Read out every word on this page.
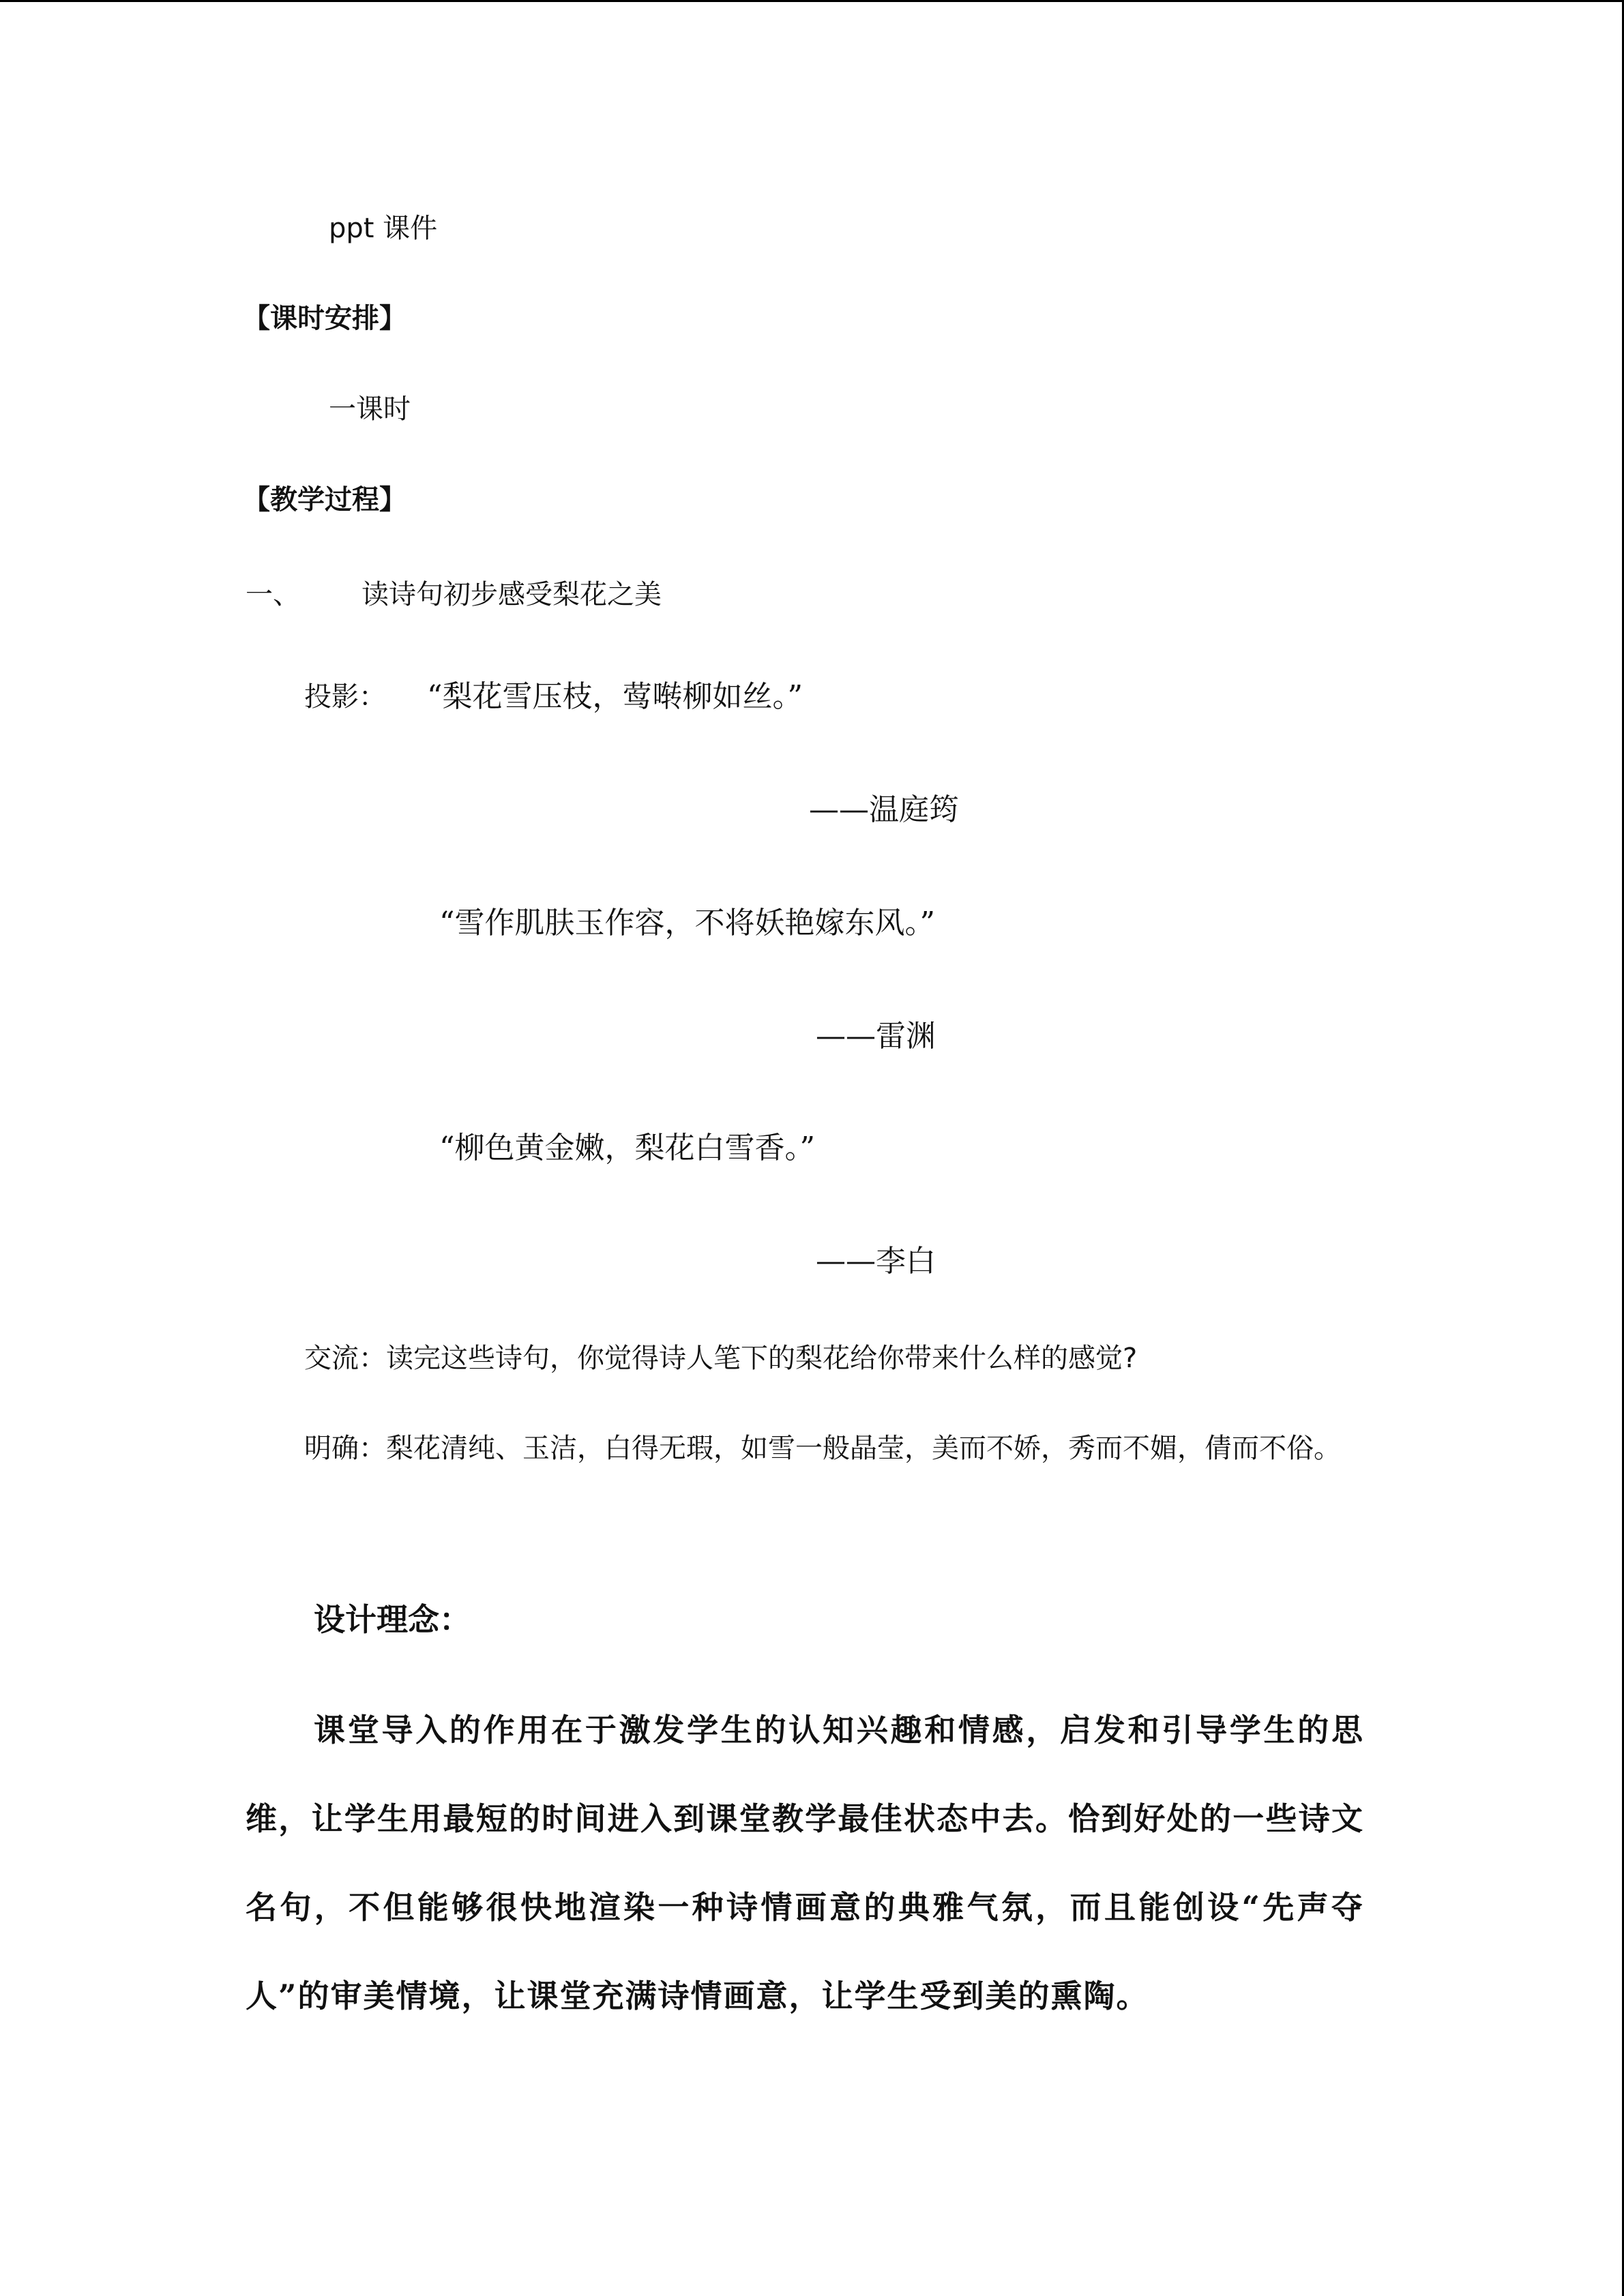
ppt 课件
【课时安排】
一课时
【教学过程】
一、 读诗句初步感受梨花之美
投影： “梨花雪压枝，莺啭柳如丝。”
——温庭筠
“雪作肌肤玉作容，不将妖艳嫁东风。”
——雷渊
“柳色黄金嫩，梨花白雪香。”
——李白
交流：读完这些诗句，你觉得诗人笔下的梨花给你带来什么样的感觉?
明确：梨花清纯、玉洁，白得无瑕，如雪一般晶莹，美而不娇，秀而不媚，倩而不俗。
设计理念：
课堂导入的作用在于激发学生的认知兴趣和情感，启发和引导学生的思维，让学生用最短的时间进入到课堂教学最佳状态中去。恰到好处的一些诗文名句，不但能够很快地渲染一种诗情画意的典雅气氛，而且能创设“先声夺人”的审美情境，让课堂充满诗情画意，让学生受到美的熏陶。
